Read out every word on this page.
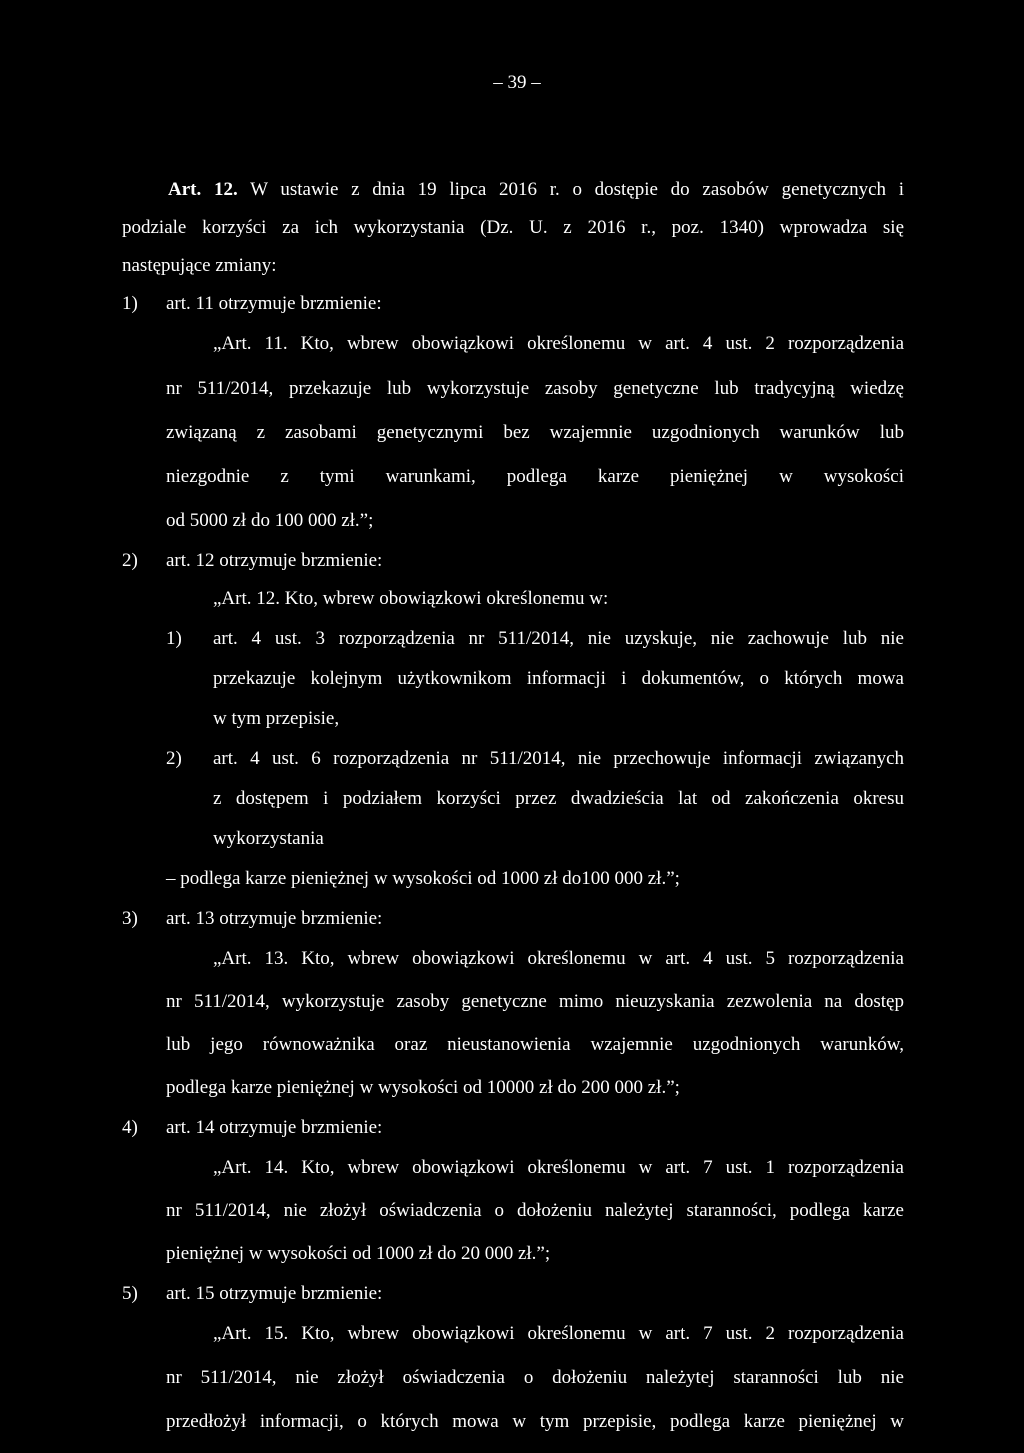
– 39 –
Art. 12. W ustawie z dnia 19 lipca 2016 r. o dostępie do zasobów genetycznych i
podziale korzyści za ich wykorzystania (Dz. U. z 2016 r., poz. 1340) wprowadza się
następujące zmiany:
1) art. 11 otrzymuje brzmienie:
„Art. 11. Kto, wbrew obowiązkowi określonemu w art. 4 ust. 2 rozporządzenia
nr 511/2014, przekazuje lub wykorzystuje zasoby genetyczne lub tradycyjną wiedzę
związaną z zasobami genetycznymi bez wzajemnie uzgodnionych warunków lub
niezgodnie z tymi warunkami, podlega karze pieniężnej w wysokości
od 5000 zł do 100 000 zł.”;
2) art. 12 otrzymuje brzmienie:
„Art. 12. Kto, wbrew obowiązkowi określonemu w:
1) art. 4 ust. 3 rozporządzenia nr 511/2014, nie uzyskuje, nie zachowuje lub nie
przekazuje kolejnym użytkownikom informacji i dokumentów, o których mowa
w tym przepisie,
2) art. 4 ust. 6 rozporządzenia nr 511/2014, nie przechowuje informacji związanych
z dostępem i podziałem korzyści przez dwadzieścia lat od zakończenia okresu
wykorzystania
– podlega karze pieniężnej w wysokości od 1000 zł do100 000 zł.”;
3) art. 13 otrzymuje brzmienie:
„Art. 13. Kto, wbrew obowiązkowi określonemu w art. 4 ust. 5 rozporządzenia
nr 511/2014, wykorzystuje zasoby genetyczne mimo nieuzyskania zezwolenia na dostęp
lub jego równoważnika oraz nieustanowienia wzajemnie uzgodnionych warunków,
podlega karze pieniężnej w wysokości od 10000 zł do 200 000 zł.”;
4) art. 14 otrzymuje brzmienie:
„Art. 14. Kto, wbrew obowiązkowi określonemu w art. 7 ust. 1 rozporządzenia
nr 511/2014, nie złożył oświadczenia o dołożeniu należytej staranności, podlega karze
pieniężnej w wysokości od 1000 zł do 20 000 zł.”;
5) art. 15 otrzymuje brzmienie:
„Art. 15. Kto, wbrew obowiązkowi określonemu w art. 7 ust. 2 rozporządzenia
nr 511/2014, nie złożył oświadczenia o dołożeniu należytej staranności lub nie
przedłożył informacji, o których mowa w tym przepisie, podlega karze pieniężnej w
